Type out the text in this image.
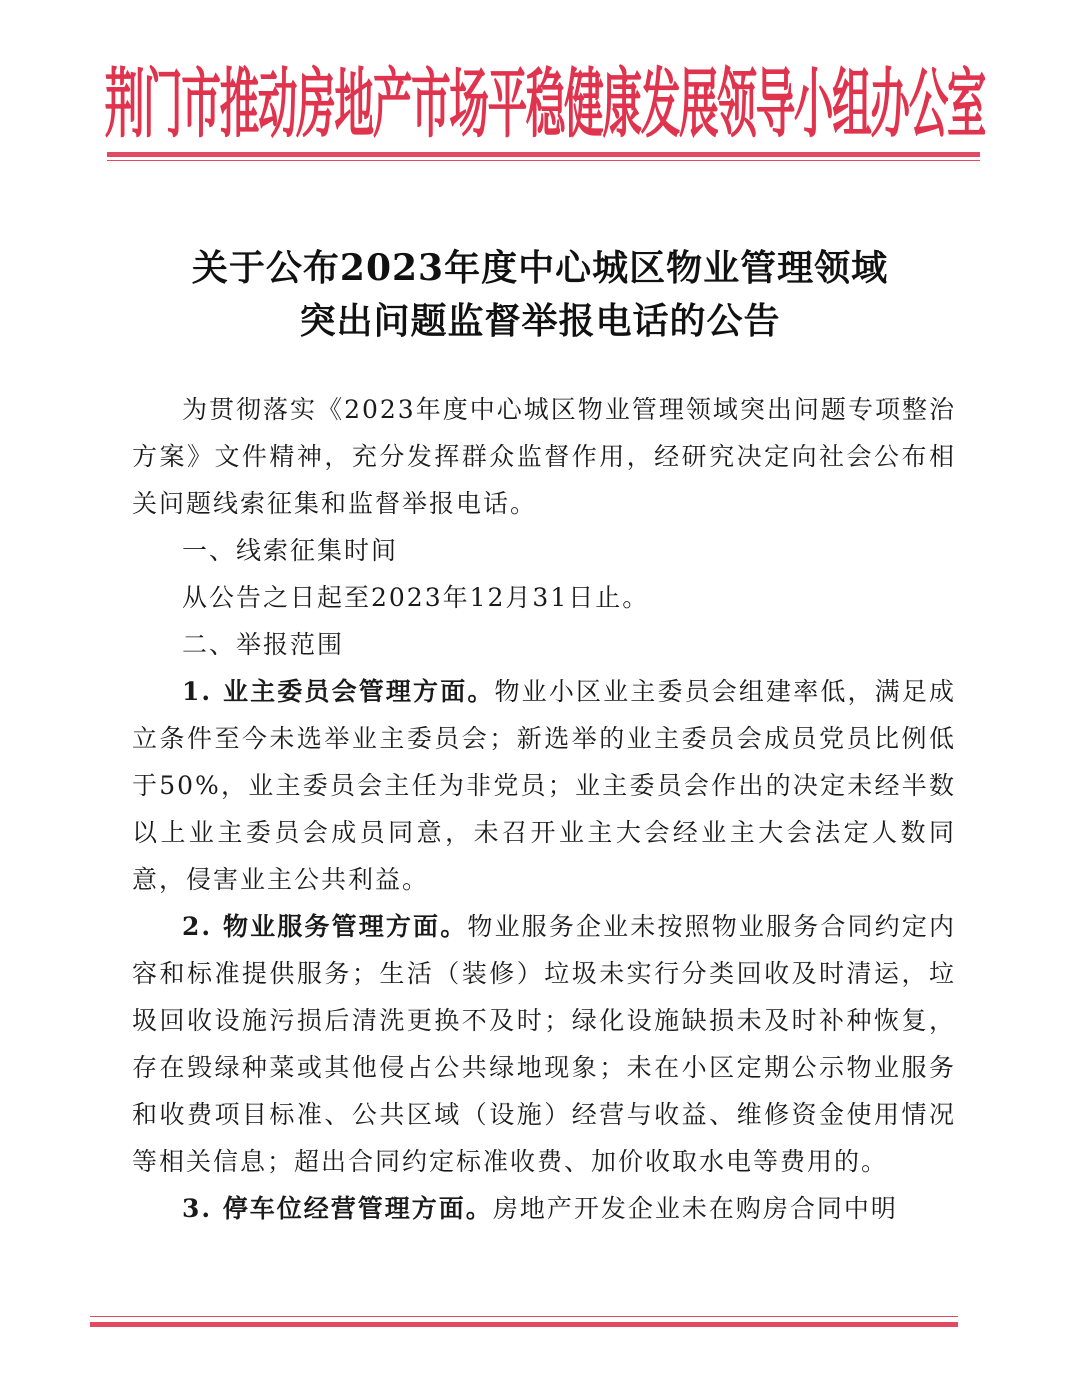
荆门市推动房地产市场平稳健康发展领导小组办公室
关于公布2023年度中心城区物业管理领域
突出问题监督举报电话的公告

为贯彻落实《2023年度中心城区物业管理领域突出问题专项整治方案》文件精神，充分发挥群众监督作用，经研究决定向社会公布相关问题线索征集和监督举报电话。

一、线索征集时间

从公告之日起至2023年12月31日止。

二、举报范围

1. 业主委员会管理方面。物业小区业主委员会组建率低，满足成立条件至今未选举业主委员会；新选举的业主委员会成员党员比例低于50%，业主委员会主任为非党员；业主委员会作出的决定未经半数以上业主委员会成员同意，未召开业主大会经业主大会法定人数同意，侵害业主公共利益。

2. 物业服务管理方面。物业服务企业未按照物业服务合同约定内容和标准提供服务；生活（装修）垃圾未实行分类回收及时清运，垃圾回收设施污损后清洗更换不及时；绿化设施缺损未及时补种恢复，存在毁绿种菜或其他侵占公共绿地现象；未在小区定期公示物业服务和收费项目标准、公共区域（设施）经营与收益、维修资金使用情况等相关信息；超出合同约定标准收费、加价收取水电等费用的。

3. 停车位经营管理方面。房地产开发企业未在购房合同中明
